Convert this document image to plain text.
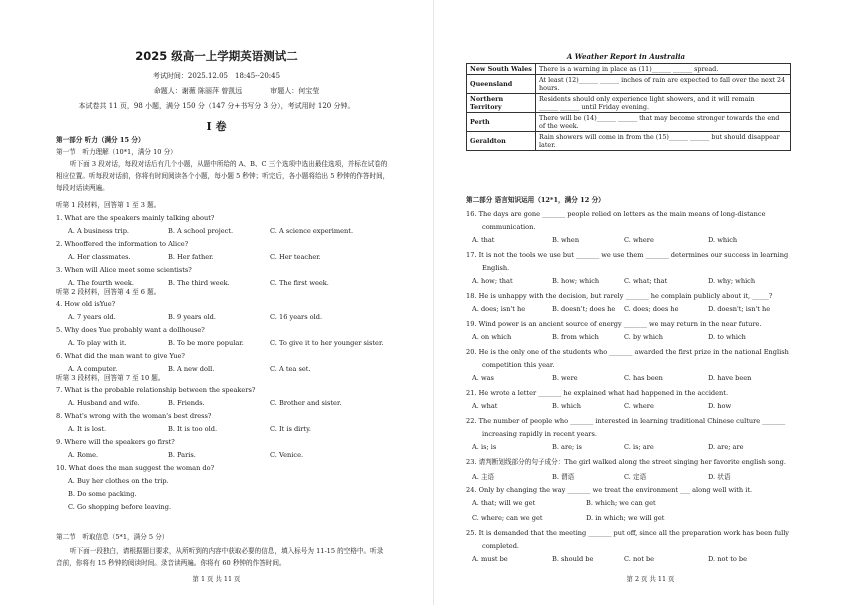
2025 级高一上学期英语测试二
考试时间：2025.12.05　18:45--20:45
命题人：谢薇 陈丽萍 曾凯远　　　　审题人：何宝莹
本试卷共 11 页，98 小题，满分 150 分（147 分+书写分 3 分），考试用时 120 分钟。
I 卷
第一部分 听力（满分 15 分）
第一节　听力理解（10*1，满分 10 分）
听下面 3 段对话，每段对话后有几个小题，从题中所给的 A、B、C 三个选项中选出最佳选项，并标在试卷的
相应位置。听每段对话前，你将有时间阅读各个小题，每小题 5 秒钟；听完后，各小题将给出 5 秒钟的作答时间，
每段对话读两遍。
听第 1 段材料，回答第 1 至 3 题。
1. What are the speakers mainly talking about?
A. A business trip.	B. A school project.	C. A science experiment.
2. Whooffered the information to Alice?
A. Her classmates.	B. Her father.	C. Her teacher.
3. When will Alice meet some scientists?
A. The fourth week.	B. The third week.	C. The first week.
4. How old isYue?
A. 7 years old.	B. 9 years old.	C. 16 years old.
5. Why does Yue probably want a dollhouse?
A. To play with it.	B. To be more popular.	C. To give it to her younger sister.
6. What did the man want to give Yue?
A. A computer.	B. A new doll.	C. A tea set.
7. What is the probable relationship between the speakers?
A. Husband and wife.	B. Friends.	C. Brother and sister.
8. What's wrong with the woman's best dress?
A. It is lost.	B. It is too old.	C. It is dirty.
9. Where will the speakers go first?
A. Rome.	B. Paris.	C. Venice.
听第 2 段材料，回答第 4 至 6 题。
听第 3 段材料，回答第 7 至 10 题。
10. What does the man suggest the woman do?
A. Buy her clothes on the trip.
B. Do some packing.
C. Go shopping before leaving.
第二节　听取信息（5*1，满分 5 分）
听下面一段独白，请根据题目要求，从所听到的内容中获取必要的信息，填入标号为 11-15 的空格中。听录
音前，你将有 15 秒钟的阅读时间。录音读两遍。你将有 60 秒钟的作答时间。
第 1 页 共 11 页
A Weather Report in Australia
New South Wales	There is a warning in place as (11)______ ______ spread.

Queensland	At least (12)______ ______ inches of rain are expected to fall over the next 24
hours.

Northern Territory	Residents should only experience light showers, and it will remain
______ ______ until Friday evening.

Perth	There will be (14)______ ______ that may become stronger towards the end
of the week.

Geraldton	Rain showers will come in from the (15)______ ______ but should disappear
later.
第二部分 语言知识运用（12*1，满分 12 分）
16. The days are gone _______ people relied on letters as the main means of long-distance
communication.
A. that	B. when	C. where	D. which
17. It is not the tools we use but _______ we use them _______ determines our success in learning
English.
A. how; that	B. how; which	C. what; that	D. why; which
18. He is unhappy with the decision, but rarely _______ he complain publicly about it, _____?
A. does; isn't he	B. doesn't; does he C. does; does he	D. doesn't; isn't he
19. Wind power is an ancient source of energy _______ we may return in the near future.
A. on which	B. from which	C. by which	D. to which
20. He is the only one of the students who _______ awarded the first prize in the national English
competition this year.
A. was	B. were	C. has been	D. have been
21. He wrote a letter _______ he explained what had happened in the accident.
A. what	B. which	C. where	D. how
22. The number of people who _______ interested in learning traditional Chinese culture _______
increasing rapidly in recent years.
A. is; is	B. are; is	C. is; are	D. are; are
23. 请判断划线部分的句子成分：The girl walked along the street singing her favorite english song.
A. 主语	B. 谓语	C. 定语	D. 状语
24. Only by changing the way _______ we treat the environment ___ along well with it.
A. that; will we get	B. which; we can get
C. where; can we get	D. in which; we will get
25. It is demanded that the meeting _______ put off, since all the preparation work has been fully
completed.
A. must be	B. should be	C. not be	D. not to be
第 2 页 共 11 页
